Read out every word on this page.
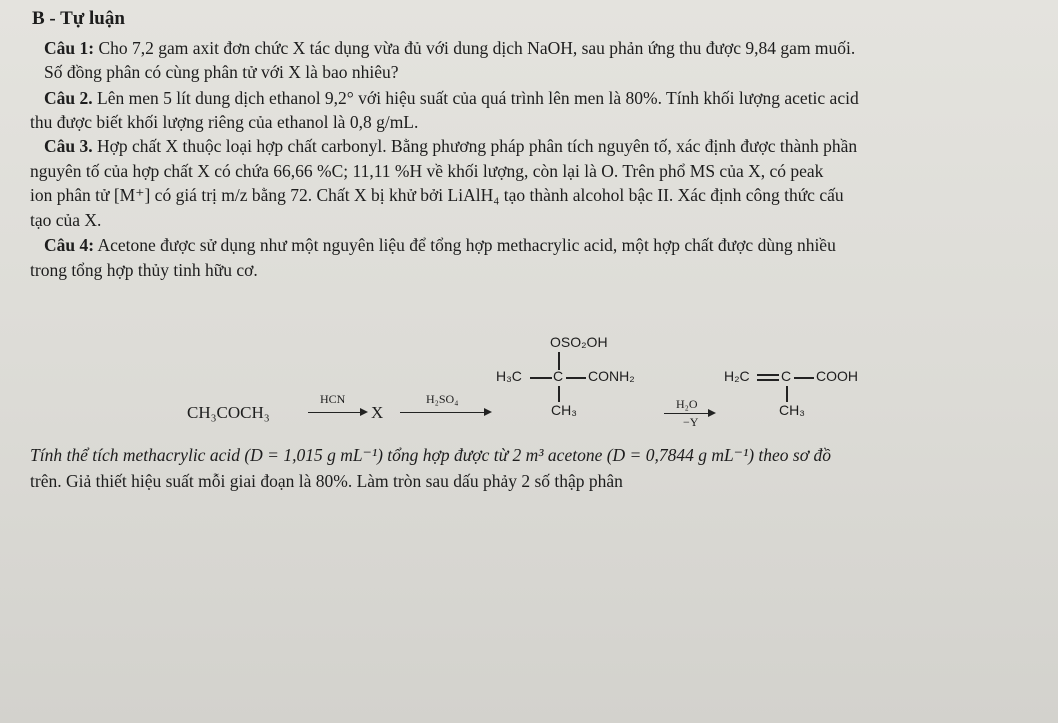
B - Tự luận
Câu 1: Cho 7,2 gam axit đơn chức X tác dụng vừa đủ với dung dịch NaOH, sau phản ứng thu được 9,84 gam muối.
Số đồng phân có cùng phân tử với X là bao nhiêu?
Câu 2. Lên men 5 lít dung dịch ethanol 9,2° với hiệu suất của quá trình lên men là 80%. Tính khối lượng acetic acid
thu được biết khối lượng riêng của ethanol là 0,8 g/mL.
Câu 3. Hợp chất X thuộc loại hợp chất carbonyl. Bằng phương pháp phân tích nguyên tố, xác định được thành phần
nguyên tố của hợp chất X có chứa 66,66 %C; 11,11 %H về khối lượng, còn lại là O. Trên phổ MS của X, có peak
ion phân tử [M⁺] có giá trị m/z bằng 72. Chất X bị khử bởi LiAlH₄ tạo thành alcohol bậc II. Xác định công thức cấu
tạo của X.
Câu 4: Acetone được sử dụng như một nguyên liệu để tổng hợp methacrylic acid, một hợp chất được dùng nhiều
trong tổng hợp thủy tinh hữu cơ.
CH₃COCH₃
HCN
X
H₂SO₄
OSO₂OH
H₃C C CONH₂
CH₃	H₂O
−Y
H₂C C COOH
CH₃
Tính thể tích methacrylic acid (D = 1,015 g mL⁻¹) tổng hợp được từ 2 m³ acetone (D = 0,7844 g mL⁻¹) theo sơ đồ
trên. Giả thiết hiệu suất mỗi giai đoạn là 80%. Làm tròn sau dấu phảy 2 số thập phân
